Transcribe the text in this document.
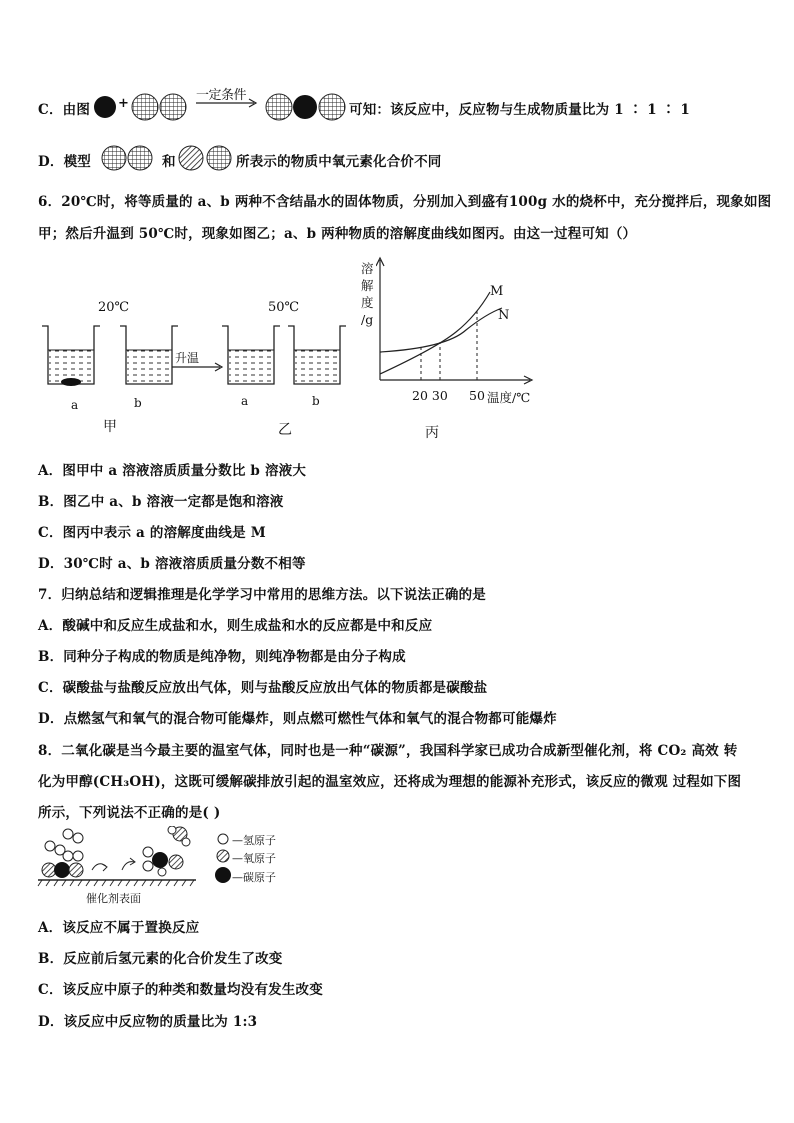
C．由图 +
一定条件
可知：该反应中，反应物与生成物质量比为 1 ∶ 1 ∶ 1
D．模型	和	所表示的物质中氧元素化合价不同
6．20℃时，将等质量的 a、b 两种不含结晶水的固体物质，分别加入到盛有100g 水的烧杯中，充分搅拌后，现象如图
甲；然后升温到 50℃时，现象如图乙；a、b 两种物质的溶解度曲线如图丙。由这一过程可知（）
20℃	50℃
升温
a	b	a	b
甲	乙	丙
溶
解
度
/g
M
N
20 30 50 温度/℃
A．图甲中 a 溶液溶质质量分数比 b 溶液大
B．图乙中 a、b 溶液一定都是饱和溶液
C．图丙中表示 a 的溶解度曲线是 M
D．30℃时 a、b 溶液溶质质量分数不相等
7．归纳总结和逻辑推理是化学学习中常用的思维方法。以下说法正确的是
A．酸碱中和反应生成盐和水，则生成盐和水的反应都是中和反应
B．同种分子构成的物质是纯净物，则纯净物都是由分子构成
C．碳酸盐与盐酸反应放出气体，则与盐酸反应放出气体的物质都是碳酸盐
D．点燃氢气和氧气的混合物可能爆炸，则点燃可燃性气体和氧气的混合物都可能爆炸
8．二氧化碳是当今最主要的温室气体，同时也是一种“碳源”，我国科学家已成功合成新型催化剂，将 CO₂ 高效 转
化为甲醇(CH₃OH)，这既可缓解碳排放引起的温室效应，还将成为理想的能源补充形式，该反应的微观 过程如下图
所示，下列说法不正确的是( )
催化剂表面
—氢原子
—氧原子
—碳原子
A．该反应不属于置换反应
B．反应前后氢元素的化合价发生了改变
C．该反应中原子的种类和数量均没有发生改变
D．该反应中反应物的质量比为 1:3
